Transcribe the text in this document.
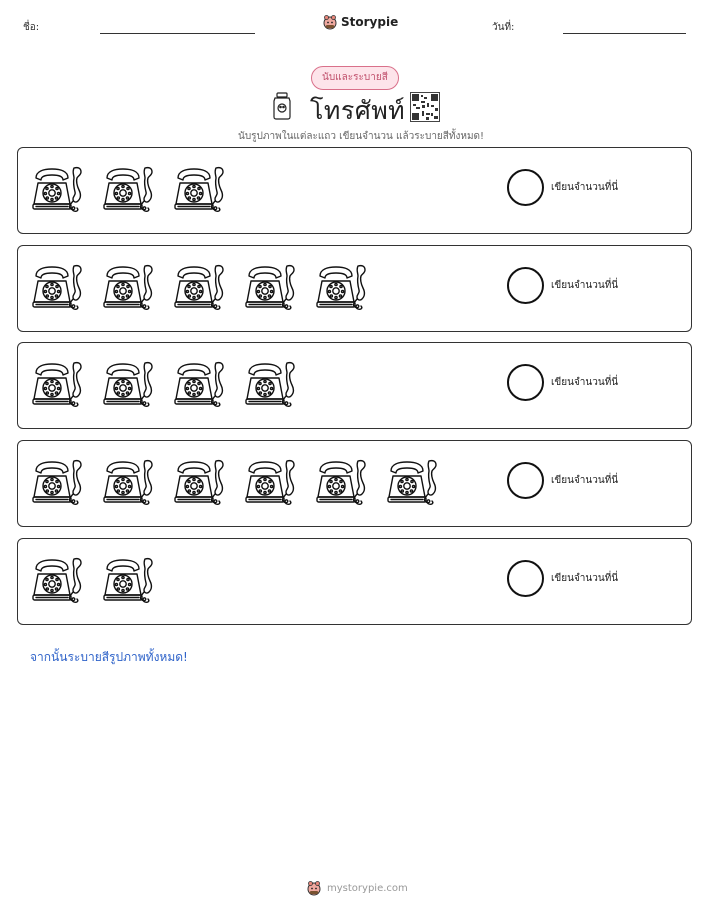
ชื่อ:	Storypie	วันที่:
นับและระบายสี
โทรศัพท์
นับรูปภาพในแต่ละแถว เขียนจำนวน แล้วระบายสีทั้งหมด!
เขียนจำนวนที่นี่
เขียนจำนวนที่นี่
เขียนจำนวนที่นี่
เขียนจำนวนที่นี่
เขียนจำนวนที่นี่
จากนั้นระบายสีรูปภาพทั้งหมด!
mystorypie.com
